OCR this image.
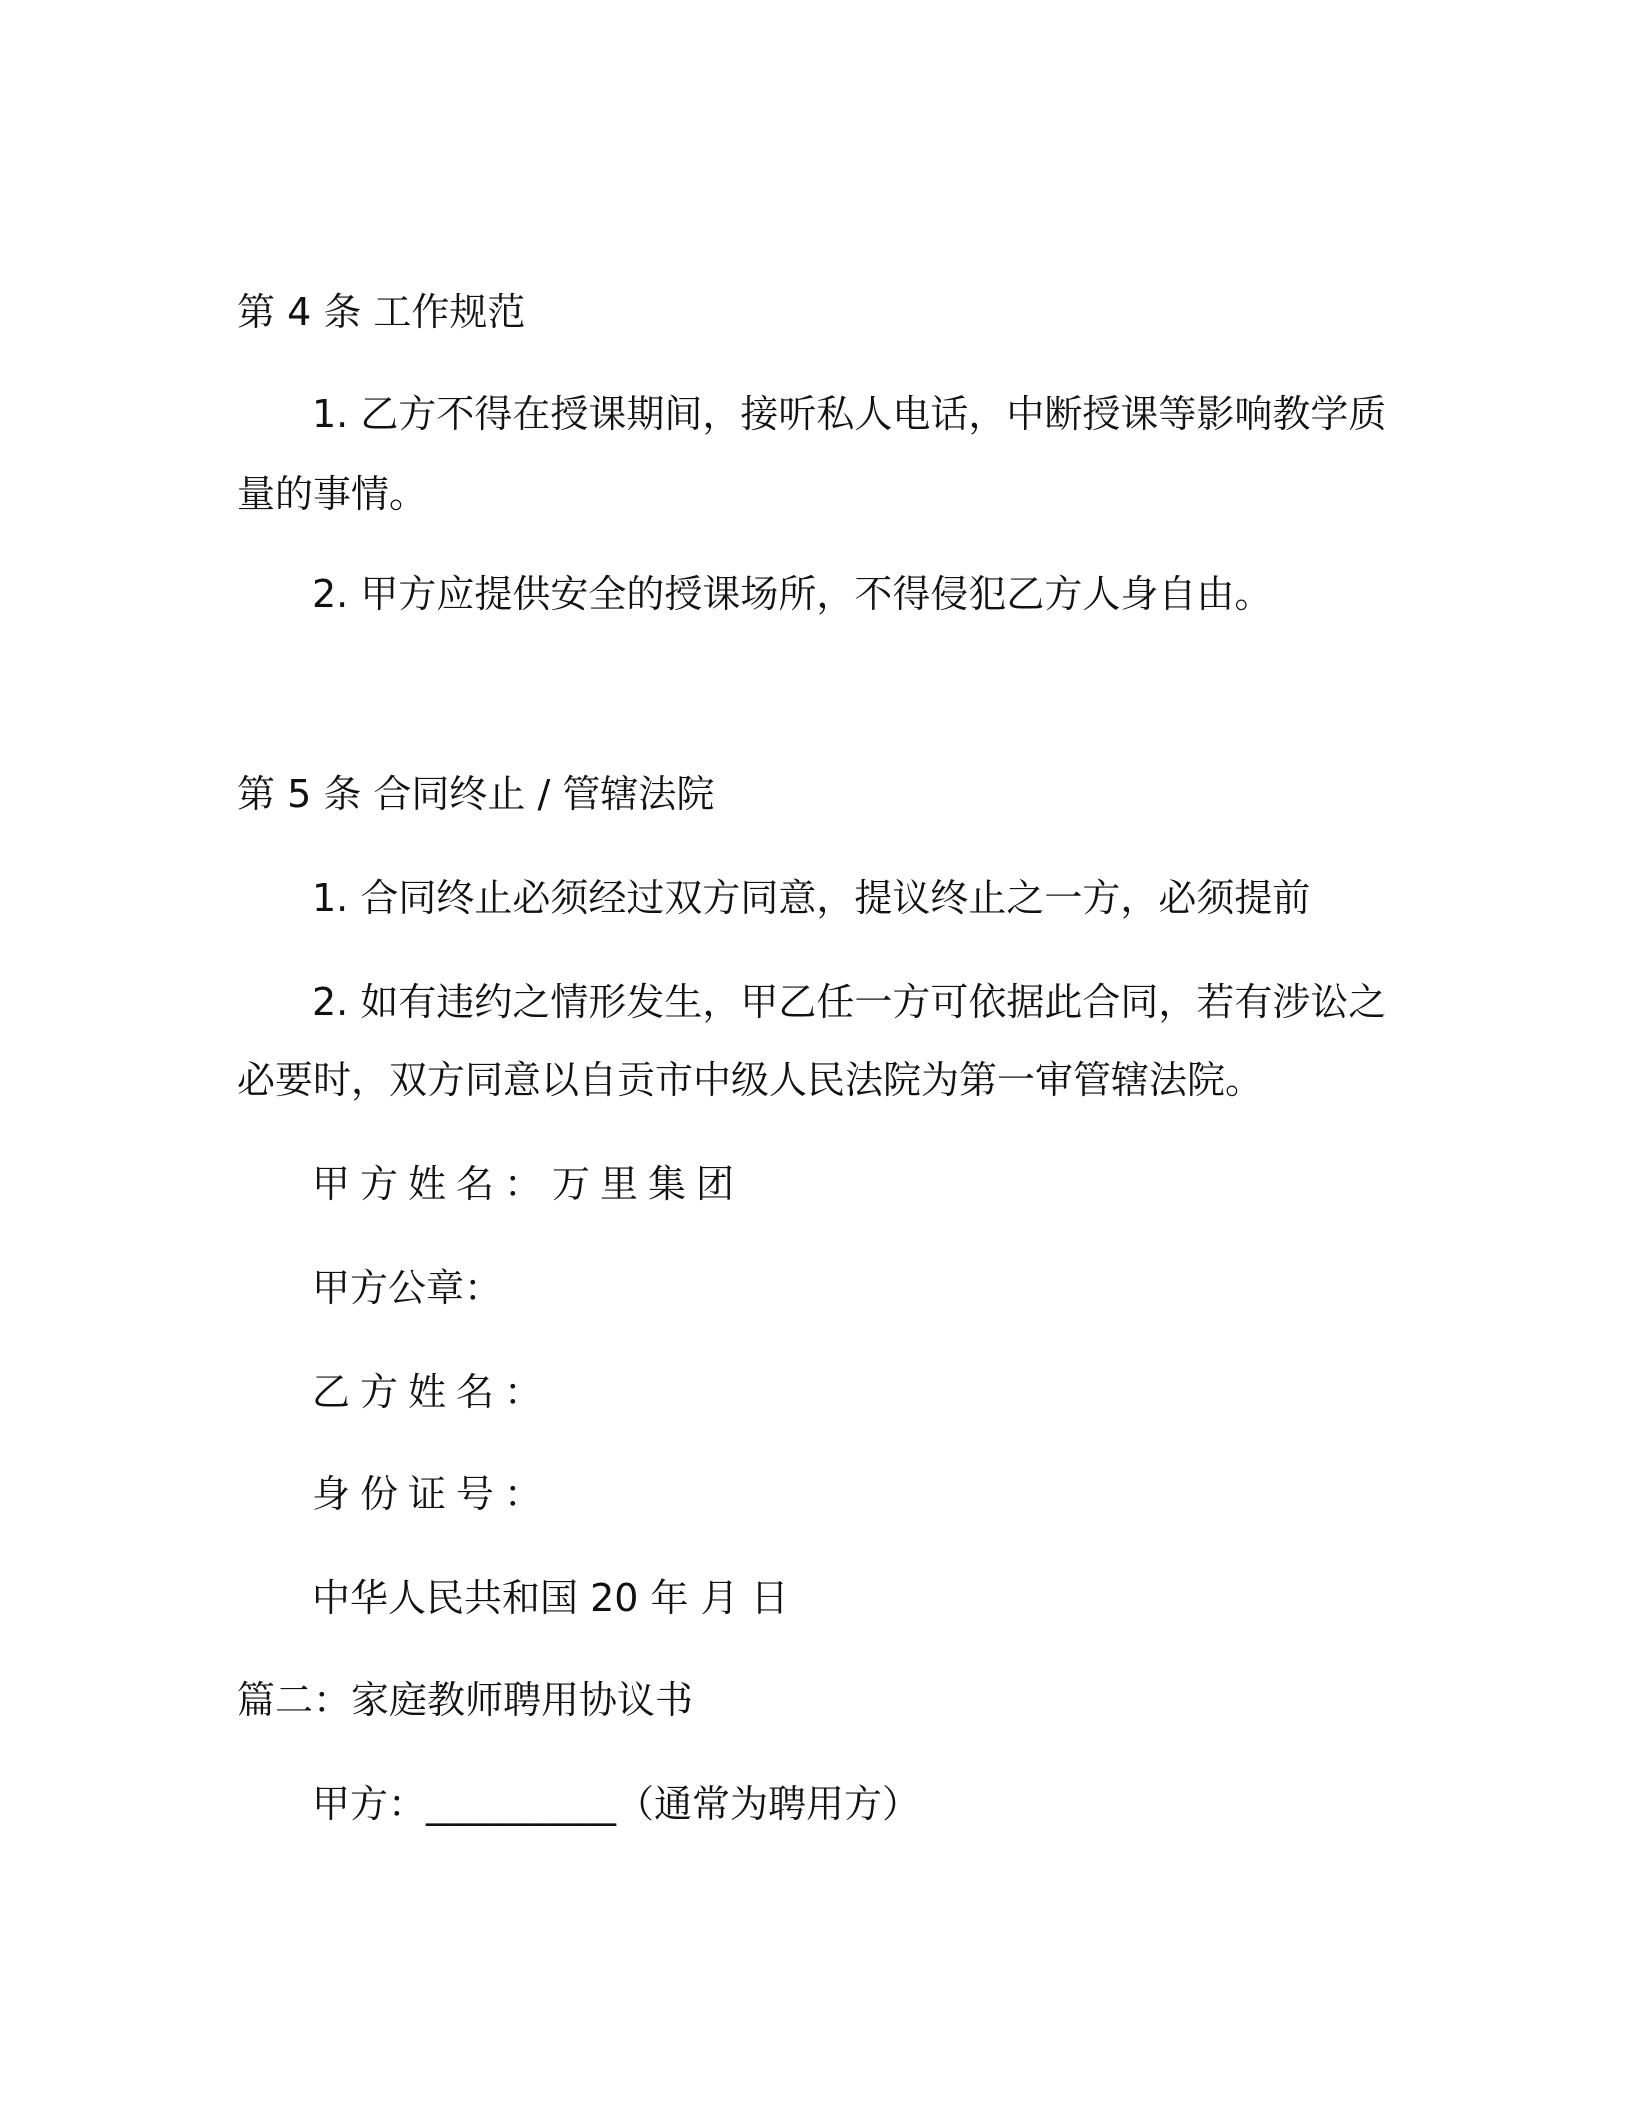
第 4 条 工作规范
1. 乙方不得在授课期间，接听私人电话，中断授课等影响教学质
量的事情。
2. 甲方应提供安全的授课场所，不得侵犯乙方人身自由。
第 5 条 合同终止 / 管辖法院
1. 合同终止必须经过双方同意，提议终止之一方，必须提前
2. 如有违约之情形发生，甲乙任一方可依据此合同，若有涉讼之
必要时，双方同意以自贡市中级人民法院为第一审管辖法院。
甲方姓名：万里集团
甲方公章：
乙方姓名：
身份证号：
中华人民共和国 20 年 月 日
篇二：家庭教师聘用协议书
甲方：__________（通常为聘用方）
